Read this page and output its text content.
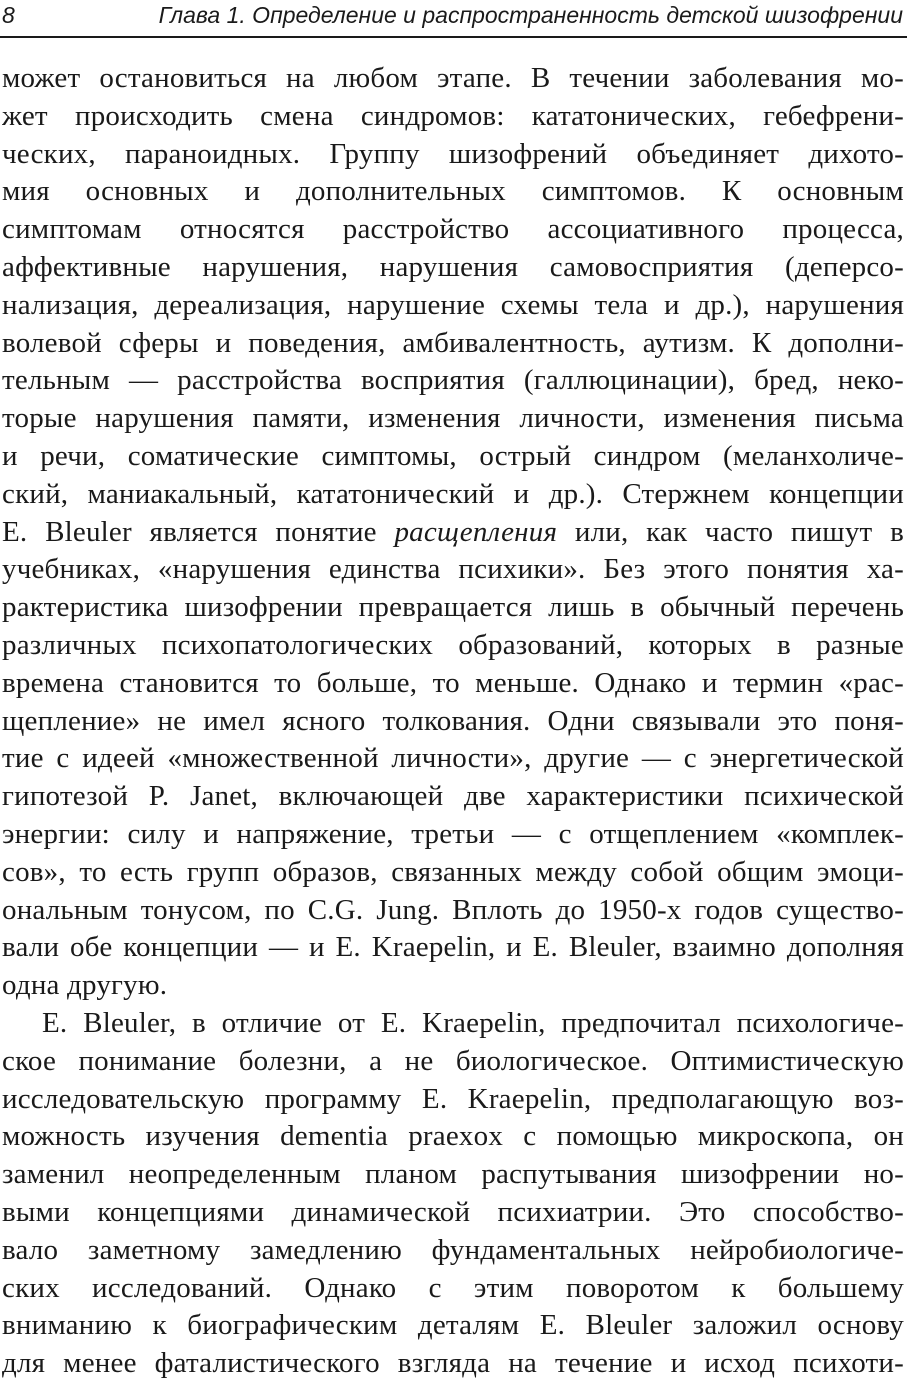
8	Глава 1. Определение и распространенность детской шизофрении
может остановиться на любом этапе. В течении заболевания мо-
жет происходить смена синдромов: кататонических, гебефрени-
ческих, параноидных. Группу шизофрений объединяет дихото-
мия основных и дополнительных симптомов. К основным
симптомам относятся расстройство ассоциативного процесса,
аффективные нарушения, нарушения самовосприятия (деперсо-
нализация, дереализация, нарушение схемы тела и др.), нарушения
волевой сферы и поведения, амбивалентность, аутизм. К дополни-
тельным — расстройства восприятия (галлюцинации), бред, неко-
торые нарушения памяти, изменения личности, изменения письма
и речи, соматические симптомы, острый синдром (меланхоличе-
ский, маниакальный, кататонический и др.). Стержнем концепции
E. Bleuler является понятие расщепления или, как часто пишут в
учебниках, «нарушения единства психики». Без этого понятия ха-
рактеристика шизофрении превращается лишь в обычный перечень
различных психопатологических образований, которых в разные
времена становится то больше, то меньше. Однако и термин «рас-
щепление» не имел ясного толкования. Одни связывали это поня-
тие с идеей «множественной личности», другие — с энергетической
гипотезой P. Janet, включающей две характеристики психической
энергии: силу и напряжение, третьи — с отщеплением «комплек-
сов», то есть групп образов, связанных между собой общим эмоци-
ональным тонусом, по C.G. Jung. Вплоть до 1950-х годов существо-
вали обе концепции — и E. Kraepelin, и E. Bleuler, взаимно дополняя
одна другую.
E. Bleuler, в отличие от E. Kraepelin, предпочитал психологиче-
ское понимание болезни, а не биологическое. Оптимистическую
исследовательскую программу E. Kraepelin, предполагающую воз-
можность изучения dementia praexox с помощью микроскопа, он
заменил неопределенным планом распутывания шизофрении но-
выми концепциями динамической психиатрии. Это способство-
вало заметному замедлению фундаментальных нейробиологиче-
ских исследований. Однако с этим поворотом к большему
вниманию к биографическим деталям E. Bleuler заложил основу
для менее фаталистического взгляда на течение и исход психоти-
